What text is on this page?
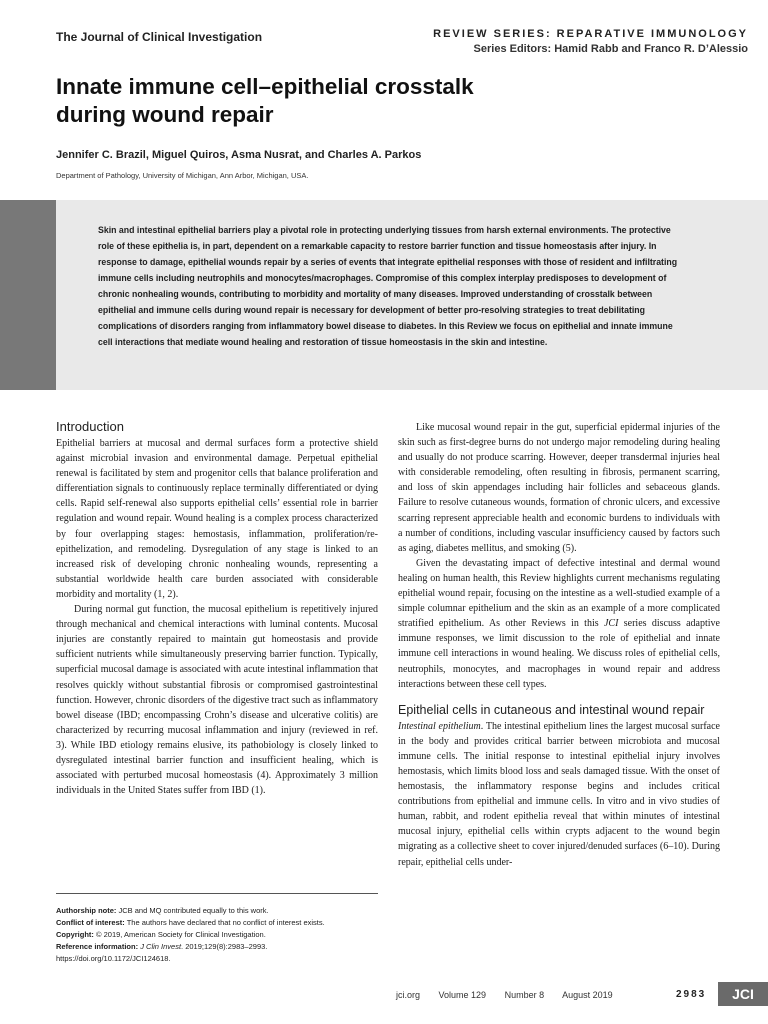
The Journal of Clinical Investigation	REVIEW SERIES: REPARATIVE IMMUNOLOGY
Series Editors: Hamid Rabb and Franco R. D’Alessio
Innate immune cell–epithelial crosstalk
during wound repair
Jennifer C. Brazil, Miguel Quiros, Asma Nusrat, and Charles A. Parkos
Department of Pathology, University of Michigan, Ann Arbor, Michigan, USA.

Skin and intestinal epithelial barriers play a pivotal role in protecting underlying tissues from harsh external environments. The protective role of these epithelia is, in part, dependent on a remarkable capacity to restore barrier function and tissue homeostasis after injury. In response to damage, epithelial wounds repair by a series of events that integrate epithelial responses with those of resident and infiltrating immune cells including neutrophils and monocytes/macrophages. Compromise of this complex interplay predisposes to development of chronic nonhealing wounds, contributing to morbidity and mortality of many diseases. Improved understanding of crosstalk between epithelial and immune cells during wound repair is necessary for development of better pro-resolving strategies to treat debilitating complications of disorders ranging from inflammatory bowel disease to diabetes. In this Review we focus on epithelial and innate immune cell interactions that mediate wound healing and restoration of tissue homeostasis in the skin and intestine.

Introduction

Epithelial barriers at mucosal and dermal surfaces form a protective shield against microbial invasion and environmental damage. Perpetual epithelial renewal is facilitated by stem and progenitor cells that balance proliferation and differentiation signals to continuously replace terminally differentiated or dying cells. Rapid self-renewal also supports epithelial cells’ essential role in barrier regulation and wound repair. Wound healing is a complex process characterized by four overlapping stages: hemostasis, inflammation, proliferation/re-epithelization, and remodeling. Dysregulation of any stage is linked to an increased risk of developing chronic nonhealing wounds, representing a substantial worldwide health care burden associated with considerable morbidity and mortality (1, 2).

During normal gut function, the mucosal epithelium is repetitively injured through mechanical and chemical interactions with luminal contents. Mucosal injuries are constantly repaired to maintain gut homeostasis and provide sufficient nutrients while simultaneously preserving barrier function. Typically, superficial mucosal damage is associated with acute intestinal inflammation that resolves quickly without substantial fibrosis or compromised gastrointestinal function. However, chronic disorders of the digestive tract such as inflammatory bowel disease (IBD; encompassing Crohn’s disease and ulcerative colitis) are characterized by recurring mucosal inflammation and injury (reviewed in ref. 3). While IBD etiology remains elusive, its pathobiology is closely linked to dysregulated intestinal barrier function and insufficient healing, which is associated with perturbed mucosal homeostasis (4). Approximately 3 million individuals in the United States suffer from IBD (1).

Like mucosal wound repair in the gut, superficial epidermal injuries of the skin such as first-degree burns do not undergo major remodeling during healing and usually do not produce scarring. However, deeper transdermal injuries heal with considerable remodeling, often resulting in fibrosis, permanent scarring, and loss of skin appendages including hair follicles and sebaceous glands. Failure to resolve cutaneous wounds, formation of chronic ulcers, and excessive scarring represent appreciable health and economic burdens to individuals with a number of conditions, including vascular insufficiency caused by factors such as aging, diabetes mellitus, and smoking (5).

Given the devastating impact of defective intestinal and dermal wound healing on human health, this Review highlights current mechanisms regulating epithelial wound repair, focusing on the intestine as a well-studied example of a simple columnar epithelium and the skin as an example of a more complicated stratified epithelium. As other Reviews in this JCI series discuss adaptive immune responses, we limit discussion to the role of epithelial and innate immune cell interactions in wound healing. We discuss roles of epithelial cells, neutrophils, monocytes, and macrophages in wound repair and address interactions between these cell types.

Epithelial cells in cutaneous and intestinal wound repair

Intestinal epithelium. The intestinal epithelium lines the largest mucosal surface in the body and provides critical barrier between microbiota and mucosal immune cells. The initial response to intestinal epithelial injury involves hemostasis, which limits blood loss and seals damaged tissue. With the onset of hemostasis, the inflammatory response begins and includes critical contributions from epithelial and immune cells. In vitro and in vivo studies of human, rabbit, and rodent epithelia reveal that within minutes of intestinal mucosal injury, epithelial cells within crypts adjacent to the wound begin migrating as a collective sheet to cover injured/denuded surfaces (6–10). During repair, epithelial cells under-

Authorship note: JCB and MQ contributed equally to this work.
Conflict of interest: The authors have declared that no conflict of interest exists.
Copyright: © 2019, American Society for Clinical Investigation.
Reference information: J Clin Invest. 2019;129(8):2983–2993.
https://doi.org/10.1172/JCI124618.
jci.org Volume 129 Number 8 August 2019	2983	JCI
